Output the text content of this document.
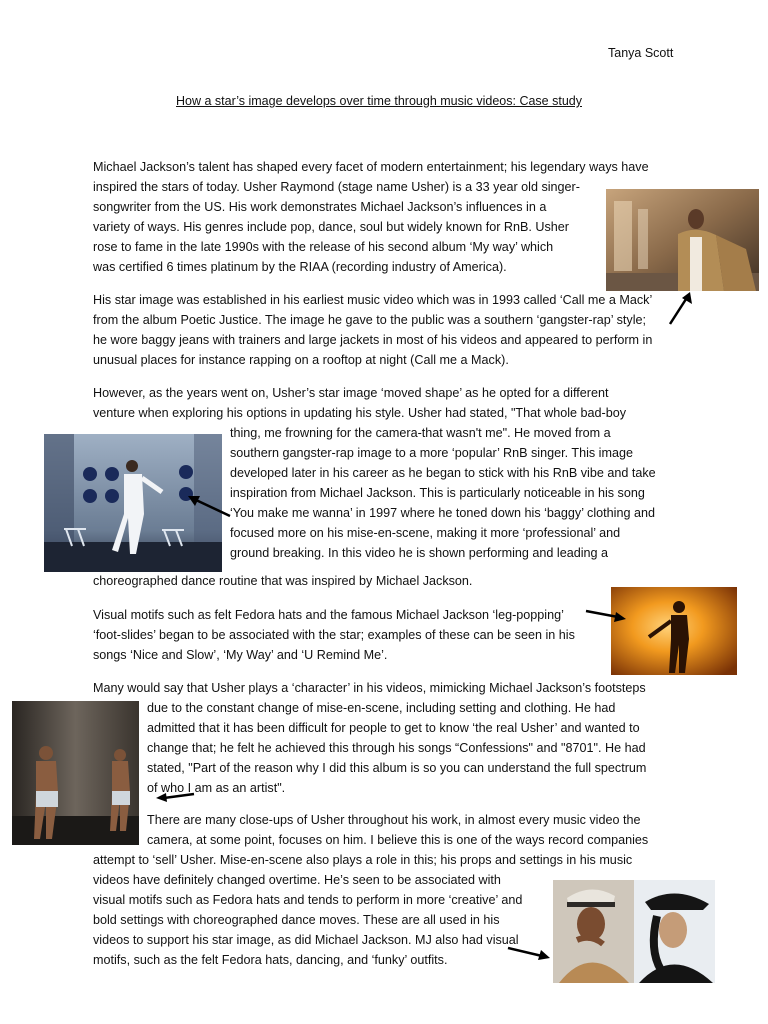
Tanya Scott
How a star’s image develops over time through music videos: Case study
Michael Jackson’s talent has shaped every facet of modern entertainment; his legendary ways have
inspired the stars of today. Usher Raymond (stage name Usher) is a 33 year old singer-
songwriter from the US. His work demonstrates Michael Jackson’s influences in a
variety of ways. His genres include pop, dance, soul but widely known for RnB. Usher
rose to fame in the late 1990s with the release of his second album ‘My way’ which
was certified 6 times platinum by the RIAA (recording industry of America).
His star image was established in his earliest music video which was in 1993 called ‘Call me a Mack’
from the album Poetic Justice. The image he gave to the public was a southern ‘gangster-rap’ style;
he wore baggy jeans with trainers and large jackets in most of his videos and appeared to perform in
unusual places for instance rapping on a rooftop at night (Call me a Mack).
However, as the years went on, Usher’s star image ‘moved shape’ as he opted for a different
venture when exploring his options in updating his style. Usher had stated, "That whole bad-boy
thing, me frowning for the camera-that wasn't me". He moved from a
southern gangster-rap image to a more ‘popular’ RnB singer. This image
developed later in his career as he began to stick with his RnB vibe and take
inspiration from Michael Jackson. This is particularly noticeable in his song
‘You make me wanna’ in 1997 where he toned down his ‘baggy’ clothing and
focused more on his mise-en-scene, making it more ‘professional’ and
ground breaking. In this video he is shown performing and leading a
choreographed dance routine that was inspired by Michael Jackson.
Visual motifs such as felt Fedora hats and the famous Michael Jackson ‘leg-popping’
‘foot-slides’ began to be associated with the star; examples of these can be seen in his
songs ‘Nice and Slow’, ‘My Way’ and ‘U Remind Me’.
Many would say that Usher plays a ‘character’ in his videos, mimicking Michael Jackson’s footsteps
due to the constant change of mise-en-scene, including setting and clothing. He had
admitted that it has been difficult for people to get to know ‘the real Usher’ and wanted to
change that; he felt he achieved this through his songs “Confessions" and "8701". He had
stated, "Part of the reason why I did this album is so you can understand the full spectrum
of who I am as an artist".
There are many close-ups of Usher throughout his work, in almost every music video the
camera, at some point, focuses on him. I believe this is one of the ways record companies
attempt to ‘sell’ Usher. Mise-en-scene also plays a role in this; his props and settings in his music
videos have definitely changed overtime. He’s seen to be associated with
visual motifs such as Fedora hats and tends to perform in more ‘creative’ and
bold settings with choreographed dance moves. These are all used in his
videos to support his star image, as did Michael Jackson. MJ also had visual
motifs, such as the felt Fedora hats, dancing, and ‘funky’ outfits.
